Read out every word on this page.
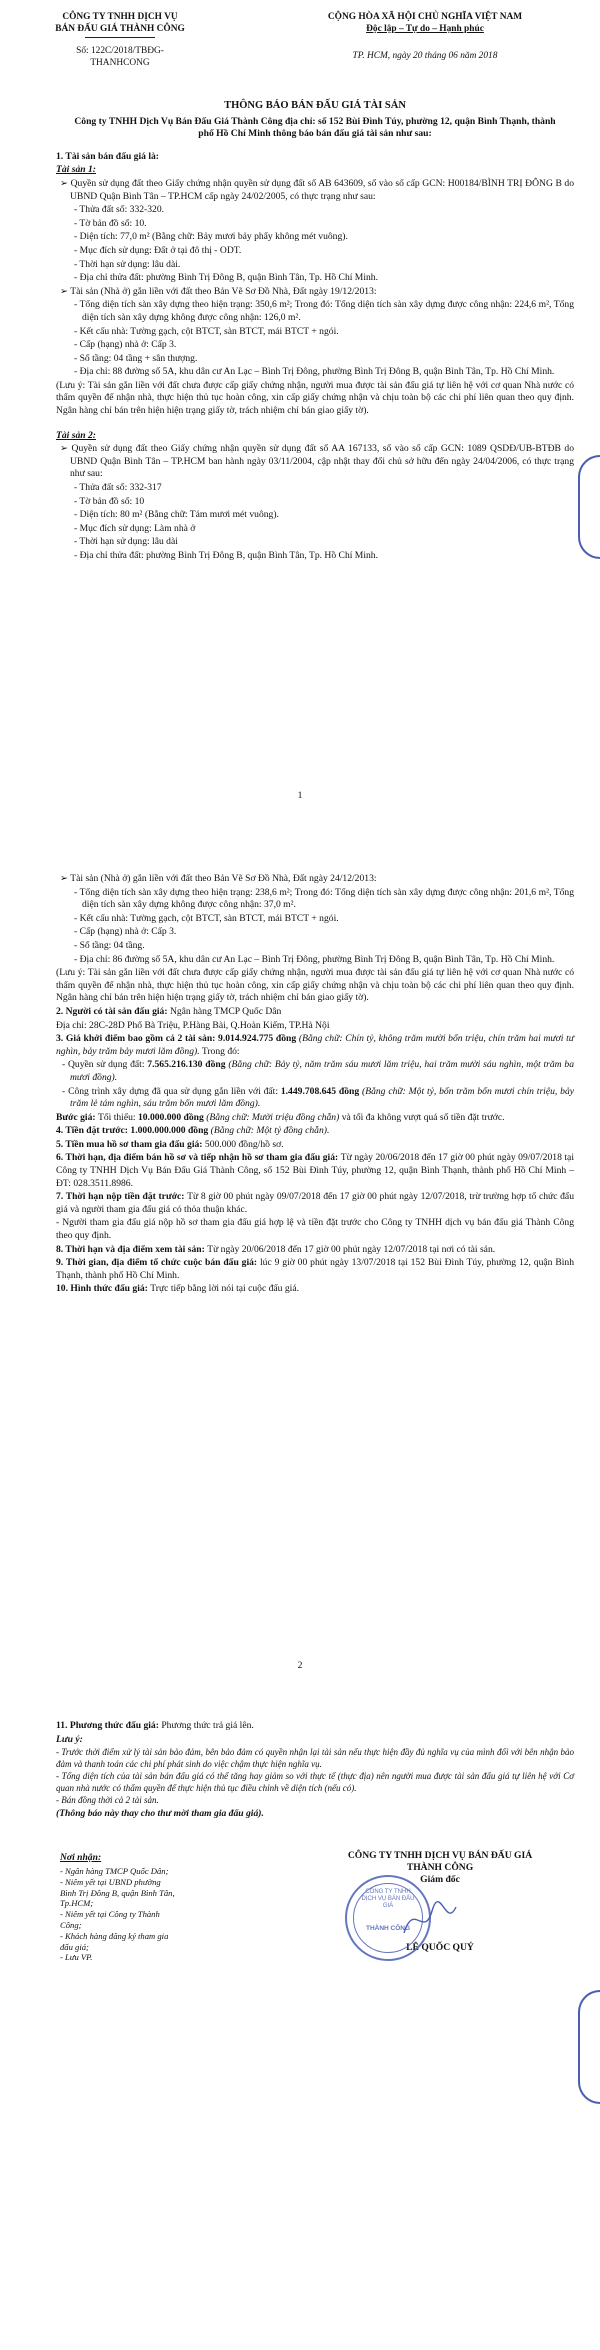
CÔNG TY TNHH DỊCH VỤ
BÁN ĐẤU GIÁ THÀNH CÔNG
Số: 122C/2018/TBĐG-
THANHCONG
CỘNG HÒA XÃ HỘI CHỦ NGHĨA VIỆT NAM
Độc lập – Tự do – Hạnh phúc
TP. HCM, ngày 20 tháng 06 năm 2018

THÔNG BÁO BÁN ĐẤU GIÁ TÀI SẢN

Công ty TNHH Dịch Vụ Bán Đấu Giá Thành Công địa chỉ: số 152 Bùi Đình Túy, phường 12, quận Bình Thạnh, thành phố Hồ Chí Minh thông báo bán đấu giá tài sản như sau:

1. Tài sản bán đấu giá là:

Tài sản 1:

➢ Quyền sử dụng đất theo Giấy chứng nhận quyền sử dụng đất số AB 643609, số vào sổ cấp GCN: H00184/BÌNH TRỊ ĐÔNG B do UBND Quận Bình Tân – TP.HCM cấp ngày 24/02/2005, có thực trạng như sau:

- Thửa đất số: 332-320.

- Tờ bản đồ số: 10.

- Diện tích: 77,0 m² (Bằng chữ: Bảy mươi bảy phẩy không mét vuông).

- Mục đích sử dụng: Đất ở tại đô thị - ODT.

- Thời hạn sử dụng: lâu dài.

- Địa chỉ thửa đất: phường Bình Trị Đông B, quận Bình Tân, Tp. Hồ Chí Minh.

➢ Tài sản (Nhà ở) gắn liền với đất theo Bản Vẽ Sơ Đồ Nhà, Đất ngày 19/12/2013:

- Tổng diện tích sàn xây dựng theo hiện trạng: 350,6 m²; Trong đó: Tổng diện tích sàn xây dựng được công nhận: 224,6 m², Tổng diện tích sàn xây dựng không được công nhận: 126,0 m².

- Kết cấu nhà: Tường gạch, cột BTCT, sàn BTCT, mái BTCT + ngói.

- Cấp (hạng) nhà ở: Cấp 3.

- Số tầng: 04 tầng + sân thượng.

- Địa chỉ: 88 đường số 5A, khu dân cư An Lạc – Bình Trị Đông, phường Bình Trị Đông B, quận Bình Tân, Tp. Hồ Chí Minh.

(Lưu ý: Tài sản gắn liền với đất chưa được cấp giấy chứng nhận, người mua được tài sản đấu giá tự liên hệ với cơ quan Nhà nước có thẩm quyền để nhận nhà, thực hiện thủ tục hoàn công, xin cấp giấy chứng nhận và chịu toàn bộ các chi phí liên quan theo quy định. Ngân hàng chỉ bán trên hiện hiện trạng giấy tờ, trách nhiệm chỉ bán giao giấy tờ).

Tài sản 2:

➢ Quyền sử dụng đất theo Giấy chứng nhận quyền sử dụng đất số AA 167133, số vào sổ cấp GCN: 1089 QSDĐ/UB-BTĐB do UBND Quận Bình Tân – TP.HCM ban hành ngày 03/11/2004, cập nhật thay đổi chủ sở hữu đến ngày 24/04/2006, có thực trạng như sau:

- Thửa đất số: 332-317

- Tờ bản đồ số: 10

- Diện tích: 80 m² (Bằng chữ: Tám mươi mét vuông).

- Mục đích sử dụng: Làm nhà ở

- Thời hạn sử dụng: lâu dài

- Địa chỉ thửa đất: phường Bình Trị Đông B, quận Bình Tân, Tp. Hồ Chí Minh.

1

➢ Tài sản (Nhà ở) gắn liền với đất theo Bản Vẽ Sơ Đồ Nhà, Đất ngày 24/12/2013:

- Tổng diện tích sàn xây dựng theo hiện trạng: 238,6 m²; Trong đó: Tổng diện tích sàn xây dựng được công nhận: 201,6 m², Tổng diện tích sàn xây dựng không được công nhận: 37,0 m².

- Kết cấu nhà: Tường gạch, cột BTCT, sàn BTCT, mái BTCT + ngói.

- Cấp (hạng) nhà ở: Cấp 3.

- Số tầng: 04 tầng.

- Địa chỉ: 86 đường số 5A, khu dân cư An Lạc – Bình Trị Đông, phường Bình Trị Đông B, quận Bình Tân, Tp. Hồ Chí Minh.

(Lưu ý: Tài sản gắn liền với đất chưa được cấp giấy chứng nhận, người mua được tài sản đấu giá tự liên hệ với cơ quan Nhà nước có thẩm quyền để nhận nhà, thực hiện thủ tục hoàn công, xin cấp giấy chứng nhận và chịu toàn bộ các chi phí liên quan theo quy định. Ngân hàng chỉ bán trên hiện hiện trạng giấy tờ, trách nhiệm chỉ bán giao giấy tờ).

2. Người có tài sản đấu giá: Ngân hàng TMCP Quốc Dân

Địa chỉ: 28C-28D Phố Bà Triệu, P.Hàng Bài, Q.Hoàn Kiếm, TP.Hà Nội

3. Giá khởi điểm bao gồm cả 2 tài sản: 9.014.924.775 đồng (Bằng chữ: Chín tỷ, không trăm mười bốn triệu, chín trăm hai mươi tư nghìn, bảy trăm bảy mươi lăm đồng). Trong đó:

- Quyền sử dụng đất: 7.565.216.130 đồng (Bằng chữ: Bảy tỷ, năm trăm sáu mươi lăm triệu, hai trăm mười sáu nghìn, một trăm ba mươi đồng).

- Công trình xây dựng đã qua sử dụng gắn liền với đất: 1.449.708.645 đồng (Bằng chữ: Một tỷ, bốn trăm bốn mươi chín triệu, bảy trăm lẻ tám nghìn, sáu trăm bốn mươi lăm đồng).

Bước giá: Tối thiểu: 10.000.000 đồng (Bằng chữ: Mười triệu đồng chẵn) và tối đa không vượt quá số tiền đặt trước.

4. Tiền đặt trước: 1.000.000.000 đồng (Bằng chữ: Một tỷ đồng chẵn).

5. Tiền mua hồ sơ tham gia đấu giá: 500.000 đồng/hồ sơ.

6. Thời hạn, địa điểm bán hồ sơ và tiếp nhận hồ sơ tham gia đấu giá: Từ ngày 20/06/2018 đến 17 giờ 00 phút ngày 09/07/2018 tại Công ty TNHH Dịch Vụ Bán Đấu Giá Thành Công, số 152 Bùi Đình Túy, phường 12, quận Bình Thạnh, thành phố Hồ Chí Minh – ĐT: 028.3511.8986.

7. Thời hạn nộp tiền đặt trước: Từ 8 giờ 00 phút ngày 09/07/2018 đến 17 giờ 00 phút ngày 12/07/2018, trừ trường hợp tổ chức đấu giá và người tham gia đấu giá có thỏa thuận khác.

- Người tham gia đấu giá nộp hồ sơ tham gia đấu giá hợp lệ và tiền đặt trước cho Công ty TNHH dịch vụ bán đấu giá Thành Công theo quy định.

8. Thời hạn và địa điểm xem tài sản: Từ ngày 20/06/2018 đến 17 giờ 00 phút ngày 12/07/2018 tại nơi có tài sản.

9. Thời gian, địa điểm tổ chức cuộc bán đấu giá: lúc 9 giờ 00 phút ngày 13/07/2018 tại 152 Bùi Đình Túy, phường 12, quận Bình Thạnh, thành phố Hồ Chí Minh.

10. Hình thức đấu giá: Trực tiếp bằng lời nói tại cuộc đấu giá.

2

11. Phương thức đấu giá: Phương thức trả giá lên.

Lưu ý:

- Trước thời điểm xử lý tài sản bảo đảm, bên bảo đảm có quyền nhận lại tài sản nếu thực hiện đầy đủ nghĩa vụ của mình đối với bên nhận bảo đảm và thanh toán các chi phí phát sinh do việc chậm thực hiện nghĩa vụ.

- Tổng diện tích của tài sản bán đấu giá có thể tăng hay giảm so với thực tế (thực địa) nên người mua được tài sản đấu giá tự liên hệ với Cơ quan nhà nước có thẩm quyền để thực hiện thủ tục điều chỉnh về diện tích (nếu có).

- Bán đồng thời cả 2 tài sản.

(Thông báo này thay cho thư mời tham gia đấu giá).

Nơi nhận:
- Ngân hàng TMCP Quốc Dân;
- Niêm yết tại UBND phường Bình Trị Đông B, quận Bình Tân, Tp.HCM;
- Niêm yết tại Công ty Thành Công;
- Khách hàng đăng ký tham gia đấu giá;
- Lưu VP.
CÔNG TY TNHH DỊCH VỤ BÁN ĐẤU GIÁ
THÀNH CÔNG
Giám đốc
LÊ QUỐC QUÝ
CÔNG TY TNHH DỊCH VỤ BÁN ĐẤU GIÁ
THÀNH CÔNG
